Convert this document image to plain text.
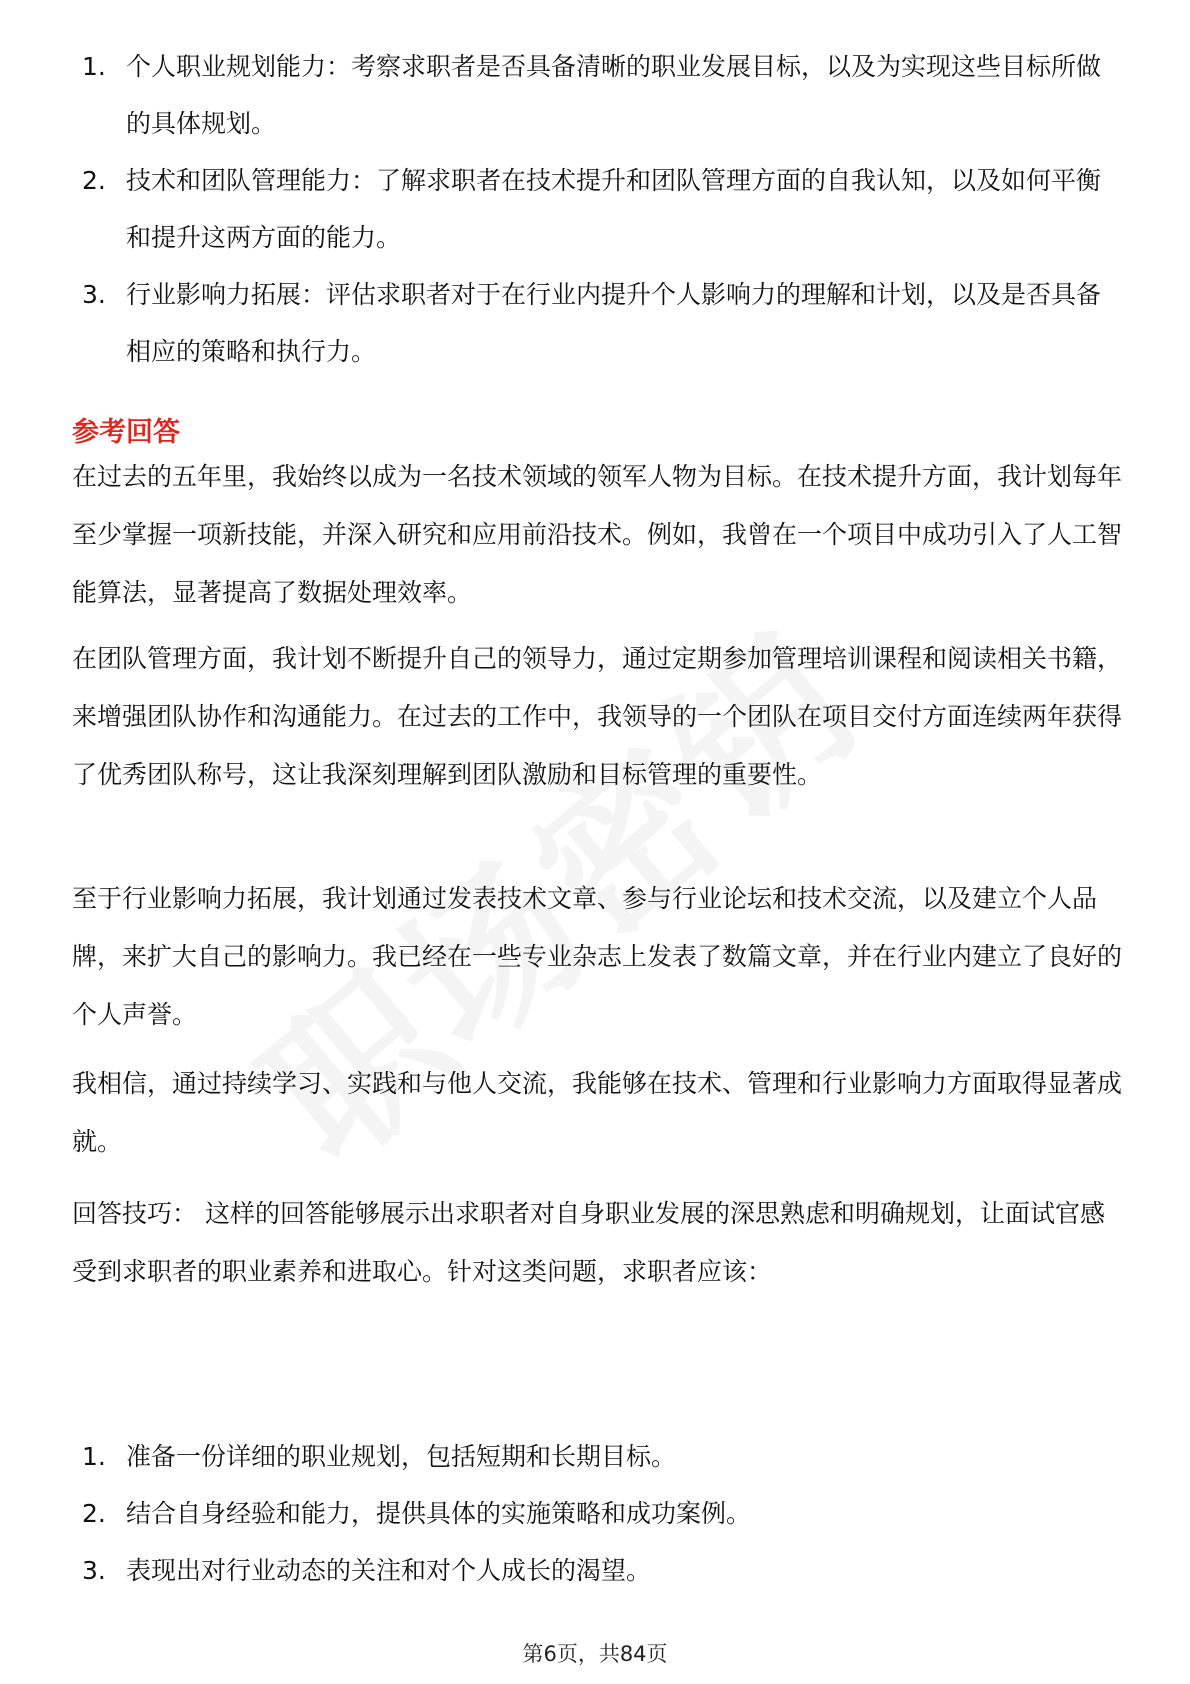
1. 个人职业规划能力：考察求职者是否具备清晰的职业发展目标，以及为实现这些目标所做的具体规划。
2. 技术和团队管理能力：了解求职者在技术提升和团队管理方面的自我认知，以及如何平衡和提升这两方面的能力。
3. 行业影响力拓展：评估求职者对于在行业内提升个人影响力的理解和计划，以及是否具备相应的策略和执行力。
参考回答

在过去的五年里，我始终以成为一名技术领域的领军人物为目标。在技术提升方面，我计划每年至少掌握一项新技能，并深入研究和应用前沿技术。例如，我曾在一个项目中成功引入了人工智能算法，显著提高了数据处理效率。

在团队管理方面，我计划不断提升自己的领导力，通过定期参加管理培训课程和阅读相关书籍，来增强团队协作和沟通能力。在过去的工作中，我领导的一个团队在项目交付方面连续两年获得了优秀团队称号，这让我深刻理解到团队激励和目标管理的重要性。

至于行业影响力拓展，我计划通过发表技术文章、参与行业论坛和技术交流，以及建立个人品牌，来扩大自己的影响力。我已经在一些专业杂志上发表了数篇文章，并在行业内建立了良好的个人声誉。

我相信，通过持续学习、实践和与他人交流，我能够在技术、管理和行业影响力方面取得显著成就。

回答技巧： 这样的回答能够展示出求职者对自身职业发展的深思熟虑和明确规划，让面试官感受到求职者的职业素养和进取心。针对这类问题，求职者应该：

1. 准备一份详细的职业规划，包括短期和长期目标。
2. 结合自身经验和能力，提供具体的实施策略和成功案例。
3. 表现出对行业动态的关注和对个人成长的渴望。
第6页，共84页
